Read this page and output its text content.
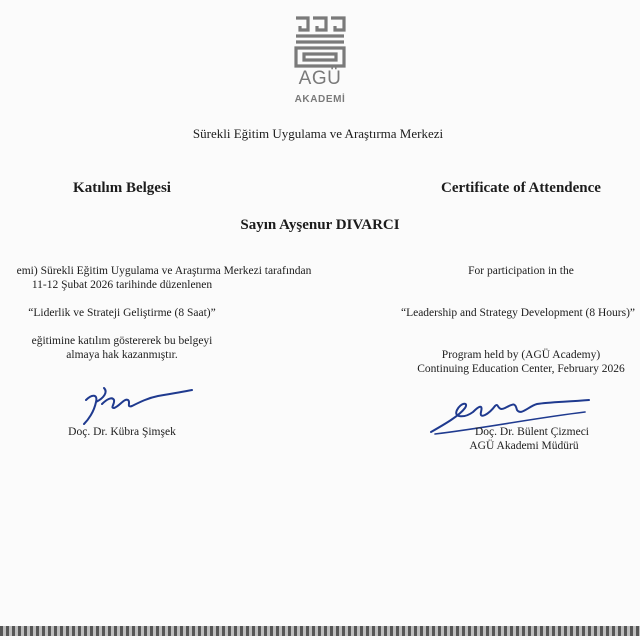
AGÜ
AKADEMİ
Sürekli Eğitim Uygulama ve Araştırma Merkezi
Katılım Belgesi	Certificate of Attendence
Sayın Ayşenur DIVARCI
emi) Sürekli Eğitim Uygulama ve Araştırma Merkezi tarafından
11-12 Şubat 2026 tarihinde düzenlenen
“Liderlik ve Strateji Geliştirme (8 Saat)”
eğitimine katılım göstererek bu belgeyi
almaya hak kazanmıştır.
Doç. Dr. Kübra Şimşek
For participation in the
“Leadership and Strategy Development (8 Hours)”
Program held by (AGÜ Academy)
Continuing Education Center, February 2026
Doç. Dr. Bülent Çizmeci
AGÜ Akademi Müdürü
